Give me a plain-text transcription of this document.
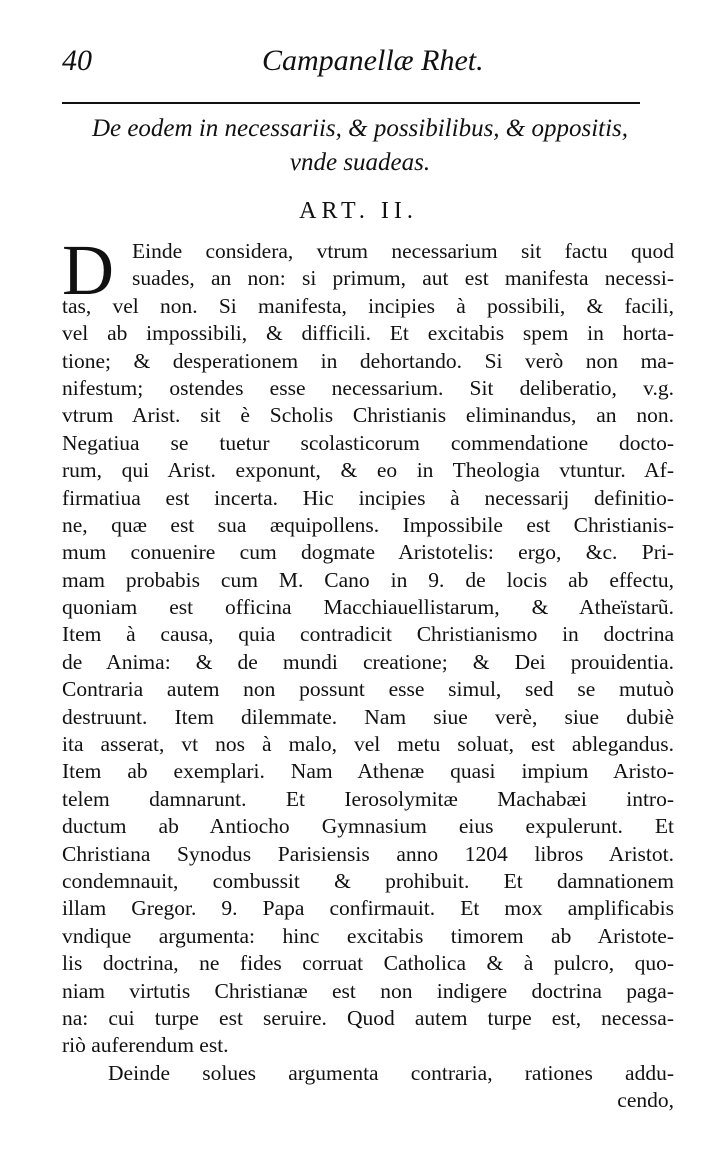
40	Campanellæ Rhet.
De eodem in necessariis, & possibilibus, & oppositis,
vnde suadeas.
ART. II.
D Einde considera, vtrum necessarium sit factu quod
suades, an non: si primum, aut est manifesta necessi-
tas, vel non. Si manifesta, incipies à possibili, & facili,
vel ab impossibili, & difficili. Et excitabis spem in horta-
tione; & desperationem in dehortando. Si verò non ma-
nifestum; ostendes esse necessarium. Sit deliberatio, v.g.
vtrum Arist. sit è Scholis Christianis eliminandus, an non.
Negatiua se tuetur scolasticorum commendatione docto-
rum, qui Arist. exponunt, & eo in Theologia vtuntur. Af-
firmatiua est incerta. Hic incipies à necessarij definitio-
ne, quæ est sua æquipollens. Impossibile est Christianis-
mum conuenire cum dogmate Aristotelis: ergo, &c. Pri-
mam probabis cum M. Cano in 9. de locis ab effectu,
quoniam est officina Macchiauellistarum, & Atheïstarũ.
Item à causa, quia contradicit Christianismo in doctrina
de Anima: & de mundi creatione; & Dei prouidentia.
Contraria autem non possunt esse simul, sed se mutuò
destruunt. Item dilemmate. Nam siue verè, siue dubiè
ita asserat, vt nos à malo, vel metu soluat, est ablegandus.
Item ab exemplari. Nam Athenæ quasi impium Aristo-
telem damnarunt. Et Ierosolymitæ Machabæi intro-
ductum ab Antiocho Gymnasium eius expulerunt. Et
Christiana Synodus Parisiensis anno 1204 libros Aristot.
condemnauit, combussit & prohibuit. Et damnationem
illam Gregor. 9. Papa confirmauit. Et mox amplificabis
vndique argumenta: hinc excitabis timorem ab Aristote-
lis doctrina, ne fides corruat Catholica & à pulcro, quo-
niam virtutis Christianæ est non indigere doctrina paga-
na: cui turpe est seruire. Quod autem turpe est, necessa-
riò auferendum est.
Deinde solues argumenta contraria, rationes addu-
cendo,
